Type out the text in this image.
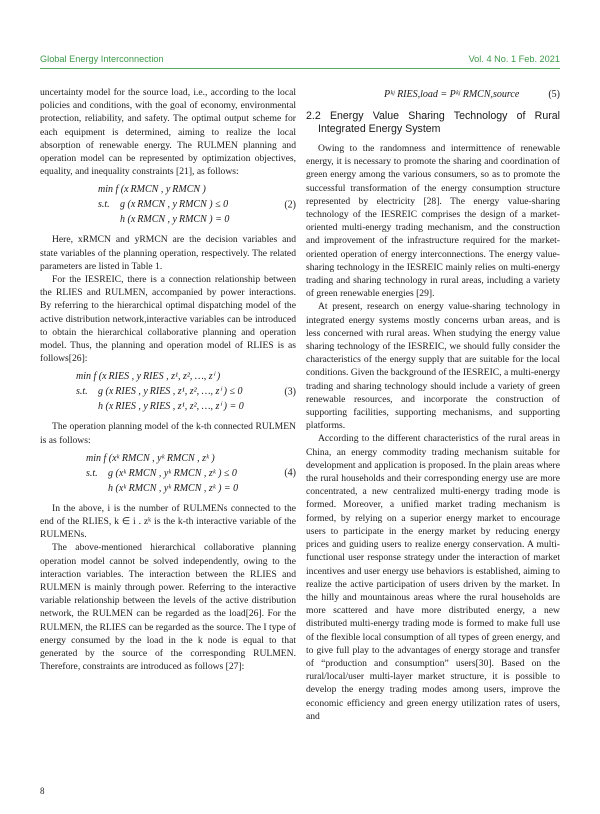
Global Energy Interconnection	Vol. 4 No. 1 Feb. 2021

uncertainty model for the source load, i.e., according to the local policies and conditions, with the goal of economy, environmental protection, reliability, and safety. The optimal output scheme for each equipment is determined, aiming to realize the local absorption of renewable energy. The RULMEN planning and operation model can be represented by optimization objectives, equality, and inequality constraints [21], as follows:

min f (x RMCN , y RMCN )
s.t. g (x RMCN , y RMCN ) ≤ 0
h (x RMCN , y RMCN ) = 0
(2)

Here, xRMCN and yRMCN are the decision variables and state variables of the planning operation, respectively. The related parameters are listed in Table 1.

For the IESREIC, there is a connection relationship between the RLIES and RULMEN, accompanied by power interactions. By referring to the hierarchical optimal dispatching model of the active distribution network,interactive variables can be introduced to obtain the hierarchical collaborative planning and operation model. Thus, the planning and operation model of RLIES is as follows[26]:

min f (x RIES , y RIES , z¹, z², …, zⁱ )
s.t. g (x RIES , y RIES , z¹, z², …, zⁱ ) ≤ 0
h (x RIES , y RIES , z¹, z², …, zⁱ ) = 0
(3)

The operation planning model of the k-th connected RULMEN is as follows:

min f (xᵏ RMCN , yᵏ RMCN , zᵏ )
s.t. g (xᵏ RMCN , yᵏ RMCN , zᵏ ) ≤ 0
h (xᵏ RMCN , yᵏ RMCN , zᵏ ) = 0
(4)

In the above, i is the number of RULMENs connected to the end of the RLIES, k ∈ i . zᵏ is the k-th interactive variable of the RULMENs.

The above-mentioned hierarchical collaborative planning operation model cannot be solved independently, owing to the interaction variables. The interaction between the RLIES and RULMEN is mainly through power. Referring to the interactive variable relationship between the levels of the active distribution network, the RULMEN can be regarded as the load[26]. For the RULMEN, the RLIES can be regarded as the source. The I type of energy consumed by the load in the k node is equal to that generated by the source of the corresponding RULMEN. Therefore, constraints are introduced as follows [27]:

Pᵏʲ RIES,load = Pᵏʲ RMCN,source	(5)
2.2 Energy Value Sharing Technology of Rural Integrated Energy System

Owing to the randomness and intermittence of renewable energy, it is necessary to promote the sharing and coordination of green energy among the various consumers, so as to promote the successful transformation of the energy consumption structure represented by electricity [28]. The energy value-sharing technology of the IESREIC comprises the design of a market-oriented multi-energy trading mechanism, and the construction and improvement of the infrastructure required for the market-oriented operation of energy interconnections. The energy value-sharing technology in the IESREIC mainly relies on multi-energy trading and sharing technology in rural areas, including a variety of green renewable energies [29].

At present, research on energy value-sharing technology in integrated energy systems mostly concerns urban areas, and is less concerned with rural areas. When studying the energy value sharing technology of the IESREIC, we should fully consider the characteristics of the energy supply that are suitable for the local conditions. Given the background of the IESREIC, a multi-energy trading and sharing technology should include a variety of green renewable resources, and incorporate the construction of supporting facilities, supporting mechanisms, and supporting platforms.

According to the different characteristics of the rural areas in China, an energy commodity trading mechanism suitable for development and application is proposed. In the plain areas where the rural households and their corresponding energy use are more concentrated, a new centralized multi-energy trading mode is formed. Moreover, a unified market trading mechanism is formed, by relying on a superior energy market to encourage users to participate in the energy market by reducing energy prices and guiding users to realize energy conservation. A multi-functional user response strategy under the interaction of market incentives and user energy use behaviors is established, aiming to realize the active participation of users driven by the market. In the hilly and mountainous areas where the rural households are more scattered and have more distributed energy, a new distributed multi-energy trading mode is formed to make full use of the flexible local consumption of all types of green energy, and to give full play to the advantages of energy storage and transfer of “production and consumption” users[30]. Based on the rural/local/user multi-layer market structure, it is possible to develop the energy trading modes among users, improve the economic efficiency and green energy utilization rates of users, and

8
